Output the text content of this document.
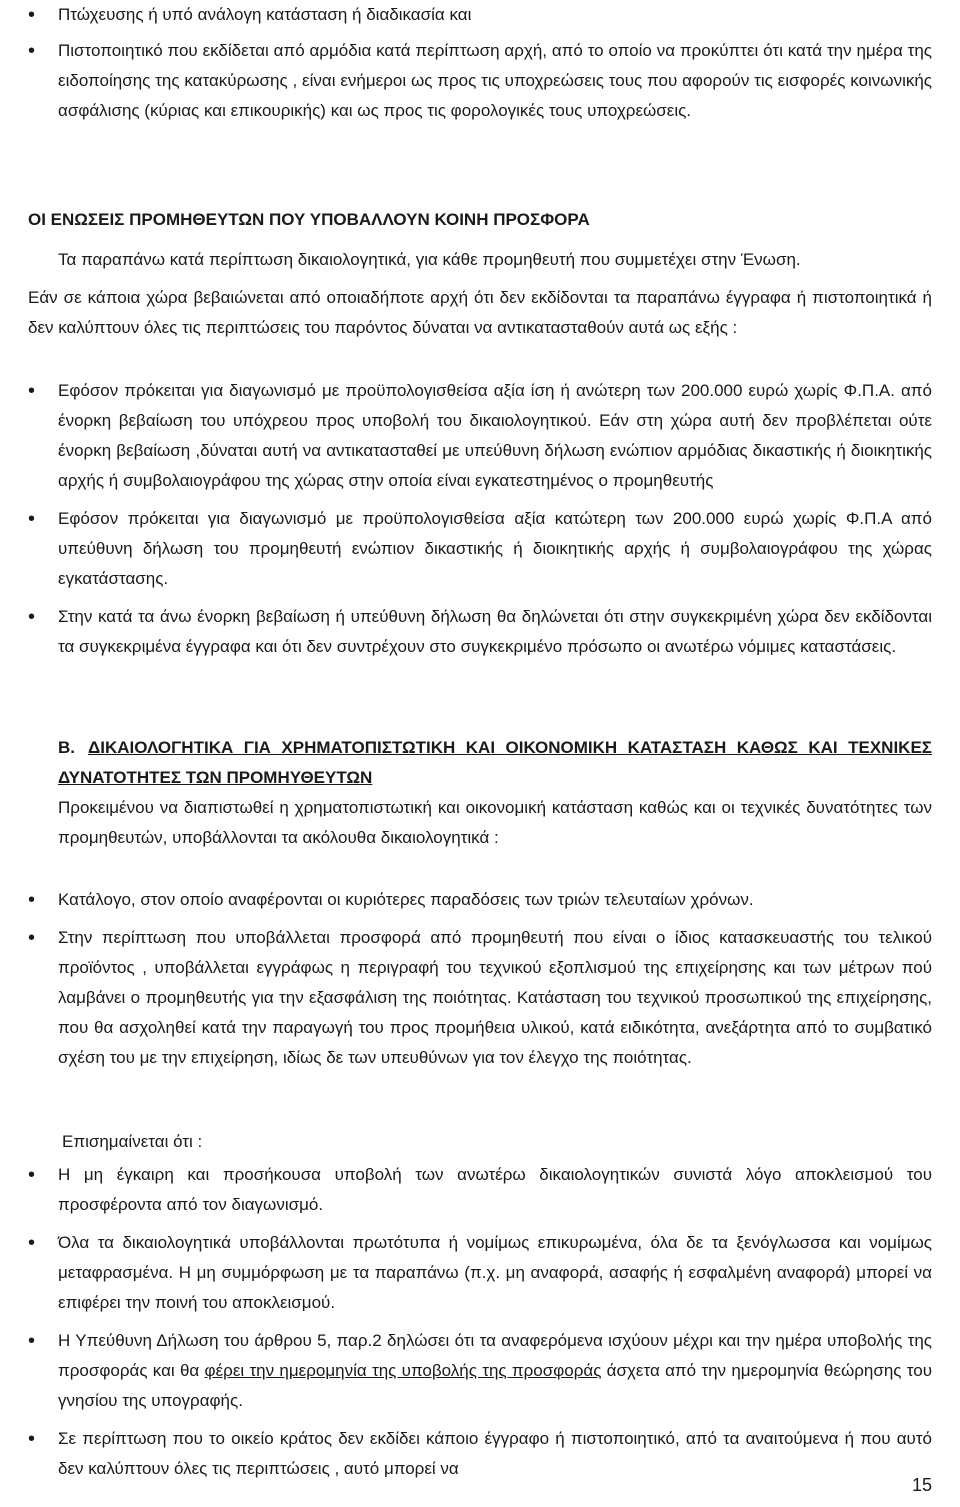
• Πτώχευσης ή υπό ανάλογη κατάσταση ή διαδικασία και
• Πιστοποιητικό που εκδίδεται από αρμόδια κατά περίπτωση αρχή, από το οποίο να προκύπτει ότι κατά την ημέρα της ειδοποίησης της κατακύρωσης , είναι ενήμεροι ως προς τις υποχρεώσεις τους που αφορούν τις εισφορές κοινωνικής ασφάλισης (κύριας και επικουρικής) και ως προς τις φορολογικές τους υποχρεώσεις.

ΟΙ ΕΝΩΣΕΙΣ ΠΡΟΜΗΘΕΥΤΩΝ ΠΟΥ ΥΠΟΒΑΛΛΟΥΝ ΚΟΙΝΗ ΠΡΟΣΦΟΡΑ

Τα παραπάνω κατά περίπτωση δικαιολογητικά, για κάθε προμηθευτή που συμμετέχει στην Ένωση.

Εάν σε κάποια χώρα βεβαιώνεται από οποιαδήποτε αρχή ότι δεν εκδίδονται τα παραπάνω έγγραφα ή πιστοποιητικά ή δεν καλύπτουν όλες τις περιπτώσεις του παρόντος δύναται να αντικατασταθούν αυτά ως εξής :

• Εφόσον πρόκειται για διαγωνισμό με προϋπολογισθείσα αξία ίση ή ανώτερη των 200.000 ευρώ χωρίς Φ.Π.Α. από ένορκη βεβαίωση του υπόχρεου προς υποβολή του δικαιολογητικού. Εάν στη χώρα αυτή δεν προβλέπεται ούτε ένορκη βεβαίωση ,δύναται αυτή να αντικατασταθεί με υπεύθυνη δήλωση ενώπιον αρμόδιας δικαστικής ή διοικητικής αρχής ή συμβολαιογράφου της χώρας στην οποία είναι εγκατεστημένος ο προμηθευτής
• Εφόσον πρόκειται για διαγωνισμό με προϋπολογισθείσα αξία κατώτερη των 200.000 ευρώ χωρίς Φ.Π.Α από υπεύθυνη δήλωση του προμηθευτή ενώπιον δικαστικής ή διοικητικής αρχής ή συμβολαιογράφου της χώρας εγκατάστασης.
• Στην κατά τα άνω ένορκη βεβαίωση ή υπεύθυνη δήλωση θα δηλώνεται ότι στην συγκεκριμένη χώρα δεν εκδίδονται τα συγκεκριμένα έγγραφα και ότι δεν συντρέχουν στο συγκεκριμένο πρόσωπο οι ανωτέρω νόμιμες καταστάσεις.

Β. ΔΙΚΑΙΟΛΟΓΗΤΙΚΑ ΓΙΑ ΧΡΗΜΑΤΟΠΙΣΤΩΤΙΚΗ ΚΑΙ ΟΙΚΟΝΟΜΙΚΗ ΚΑΤΑΣΤΑΣΗ ΚΑΘΩΣ ΚΑΙ ΤΕΧΝΙΚΕΣ ΔΥΝΑΤΟΤΗΤΕΣ ΤΩΝ ΠΡΟΜΗΥΘΕΥΤΩΝ

Προκειμένου να διαπιστωθεί η χρηματοπιστωτική και οικονομική κατάσταση καθώς και οι τεχνικές δυνατότητες των προμηθευτών, υποβάλλονται τα ακόλουθα δικαιολογητικά :

• Κατάλογο, στον οποίο αναφέρονται οι κυριότερες παραδόσεις των τριών τελευταίων χρόνων.
• Στην περίπτωση που υποβάλλεται προσφορά από προμηθευτή που είναι ο ίδιος κατασκευαστής του τελικού προϊόντος , υποβάλλεται εγγράφως η περιγραφή του τεχνικού εξοπλισμού της επιχείρησης και των μέτρων πού λαμβάνει ο προμηθευτής για την εξασφάλιση της ποιότητας. Κατάσταση του τεχνικού προσωπικού της επιχείρησης, που θα ασχοληθεί κατά την παραγωγή του προς προμήθεια υλικού, κατά ειδικότητα, ανεξάρτητα από το συμβατικό σχέση του με την επιχείρηση, ιδίως δε των υπευθύνων για τον έλεγχο της ποιότητας.

Επισημαίνεται ότι :

• Η μη έγκαιρη και προσήκουσα υποβολή των ανωτέρω δικαιολογητικών συνιστά λόγο αποκλεισμού του προσφέροντα από τον διαγωνισμό.
• Όλα τα δικαιολογητικά υποβάλλονται πρωτότυπα ή νομίμως επικυρωμένα, όλα δε τα ξενόγλωσσα και νομίμως μεταφρασμένα. Η μη συμμόρφωση με τα παραπάνω (π.χ. μη αναφορά, ασαφής ή εσφαλμένη αναφορά) μπορεί να επιφέρει την ποινή του αποκλεισμού.
• Η Υπεύθυνη Δήλωση του άρθρου 5, παρ.2 δηλώσει ότι τα αναφερόμενα ισχύουν μέχρι και την ημέρα υποβολής της προσφοράς και θα φέρει την ημερομηνία της υποβολής της προσφοράς άσχετα από την ημερομηνία θεώρησης του γνησίου της υπογραφής.
• Σε περίπτωση που το οικείο κράτος δεν εκδίδει κάποιο έγγραφο ή πιστοποιητικό, από τα αναιτούμενα ή που αυτό δεν καλύπτουν όλες τις περιπτώσεις , αυτό μπορεί να
15
